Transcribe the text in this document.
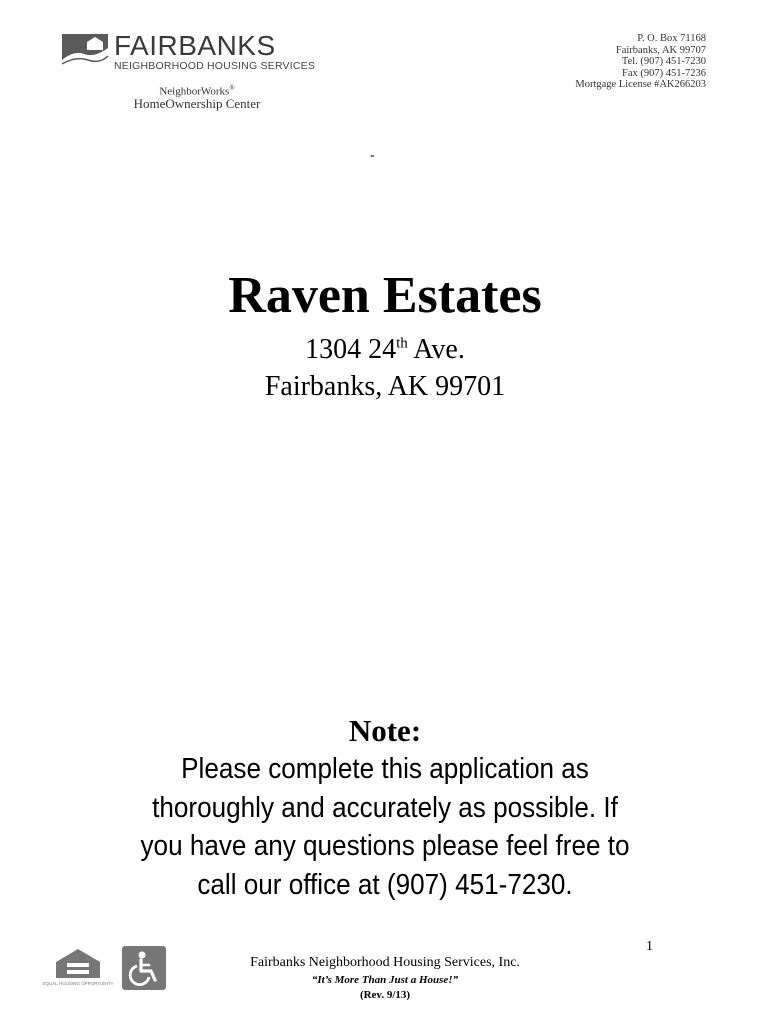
FAIRBANKS
NEIGHBORHOOD HOUSING SERVICES
NeighborWorks®
HomeOwnership Center
P. O. Box 71168
Fairbanks, AK 99707
Tel. (907) 451-7230
Fax (907) 451-7236
Mortgage License #AK266203
-
Raven Estates
1304 24th Ave.
Fairbanks, AK 99701
Note:
Please complete this application as thoroughly and accurately as possible. If you have any questions please feel free to call our office at (907) 451-7230.
1
EQUAL HOUSING OPPORTUNITY
Fairbanks Neighborhood Housing Services, Inc.
“It’s More Than Just a House!”
(Rev. 9/13)
